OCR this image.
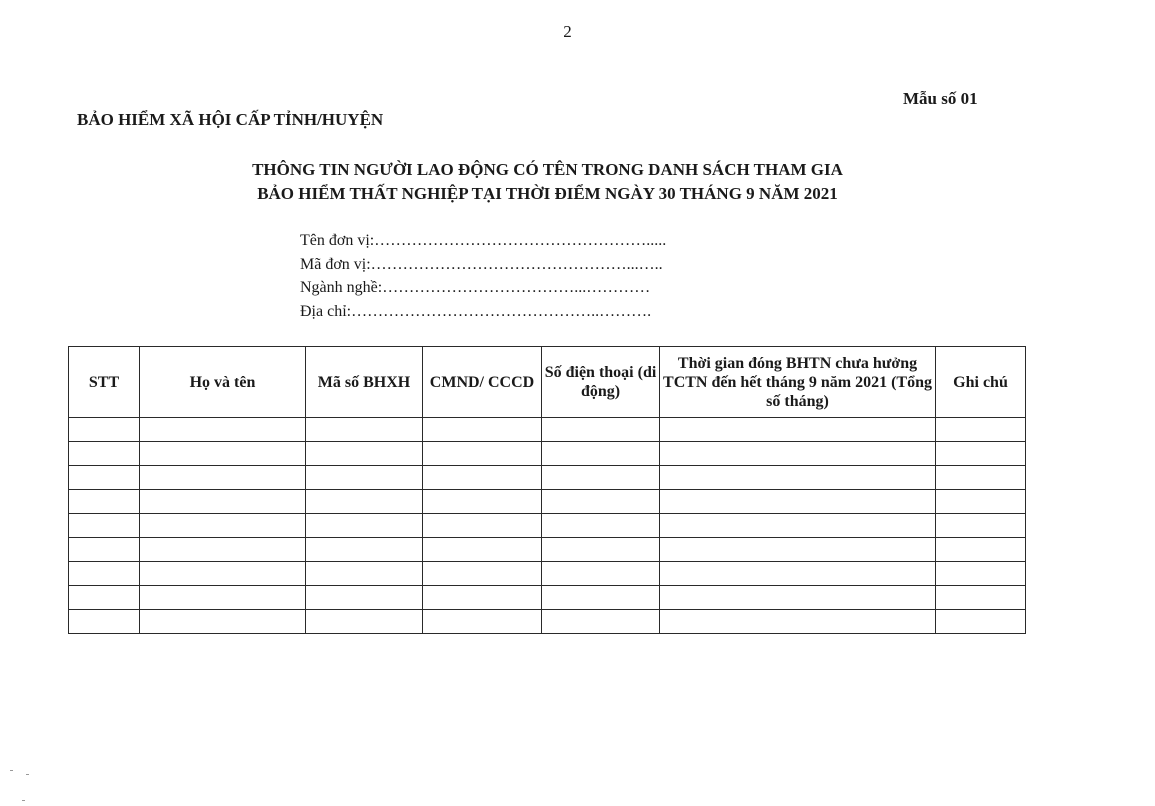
2
Mẫu số 01
BẢO HIỂM XÃ HỘI CẤP TỈNH/HUYỆN
THÔNG TIN NGƯỜI LAO ĐỘNG CÓ TÊN TRONG DANH SÁCH THAM GIA
BẢO HIỂM THẤT NGHIỆP TẠI THỜI ĐIỂM NGÀY 30 THÁNG 9 NĂM 2021
Tên đơn vị:…………………………………………….....
Mã đơn vị:…………………………………………...…..
Ngành nghề:………………………………...…………
Địa chỉ:………………………………………..……….
STT	Họ và tên	Mã số BHXH	CMND/ CCCD	Số điện thoại (di động)	Thời gian đóng BHTN chưa hưởng TCTN đến hết tháng 9 năm 2021 (Tổng số tháng)	Ghi chú
